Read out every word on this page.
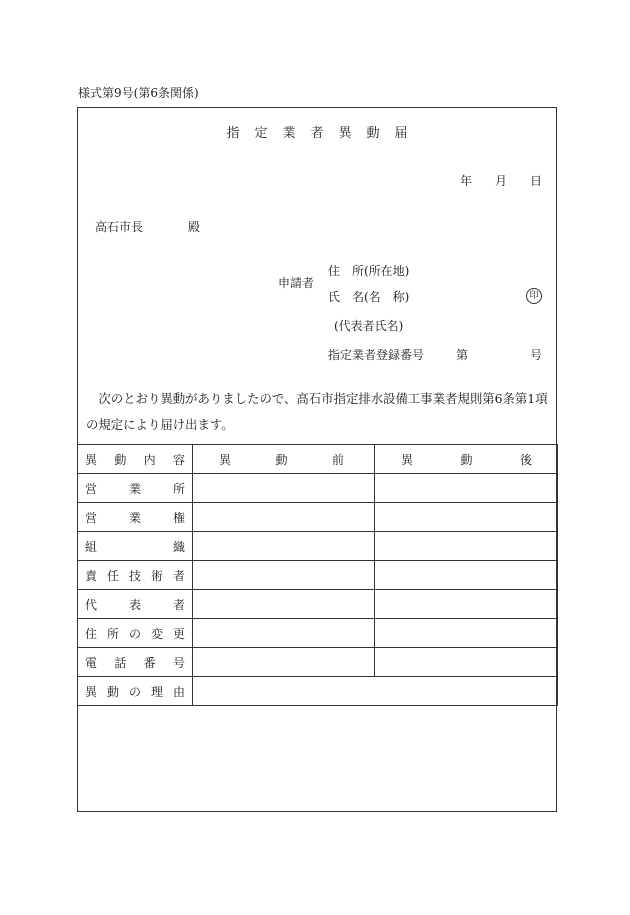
様式第9号(第6条関係)
指定業者異動届
年 月 日
高石市長	殿
申請者
住　所(所在地)
氏　名(名　称)	印
(代表者氏名)
指定業者登録番号	第	号
　次のとおり異動がありましたので、高石市指定排水設備工事業者規則第6条第1項の規定により届け出ます。
異 動 内 容	異 動 前	異 動 後

営 業 所		

営 業 権		

組 織		

責 任 技 術 者		

代 表 者		

住 所 の 変 更		

電 話 番 号		

異 動 の 理 由		
